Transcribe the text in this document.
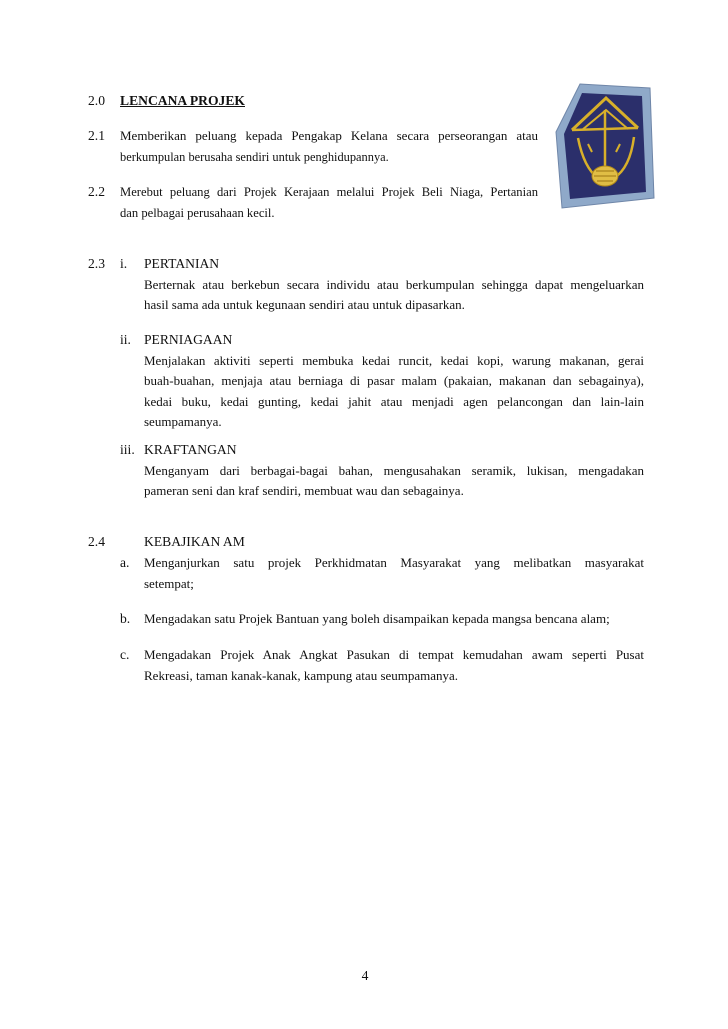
2.0 LENCANA PROJEK
2.1 Memberikan peluang kepada Pengakap Kelana secara perseorangan atau
berkumpulan berusaha sendiri untuk penghidupannya.
2.2 Merebut peluang dari Projek Kerajaan melalui Projek Beli Niaga, Pertanian
dan pelbagai perusahaan kecil.
2.3 i. PERTANIAN
Berternak atau berkebun secara individu atau berkumpulan sehingga dapat mengeluarkan
hasil sama ada untuk kegunaan sendiri atau untuk dipasarkan.
ii. PERNIAGAAN
Menjalakan aktiviti seperti membuka kedai runcit, kedai kopi, warung makanan, gerai
buah-buahan, menjaja atau berniaga di pasar malam (pakaian, makanan dan sebagainya),
kedai buku, kedai gunting, kedai jahit atau menjadi agen pelancongan dan lain-lain
seumpamanya.
iii. KRAFTANGAN
Menganyam dari berbagai-bagai bahan, mengusahakan seramik, lukisan, mengadakan
pameran seni dan kraf sendiri, membuat wau dan sebagainya.
2.4	KEBAJIKAN AM
a. Menganjurkan satu projek Perkhidmatan Masyarakat yang melibatkan masyarakat
setempat;
b. Mengadakan satu Projek Bantuan yang boleh disampaikan kepada mangsa bencana alam;
c. Mengadakan Projek Anak Angkat Pasukan di tempat kemudahan awam seperti Pusat
Rekreasi, taman kanak-kanak, kampung atau seumpamanya.
4
